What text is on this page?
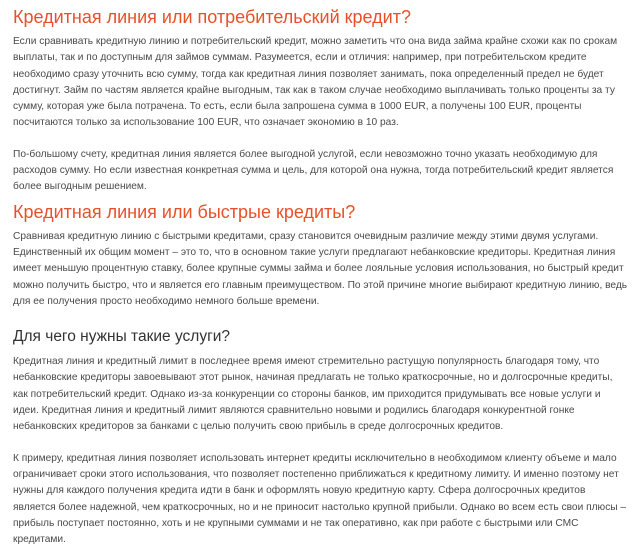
Кредитная линия или потребительский кредит?

Если сравнивать кредитную линию и потребительский кредит, можно заметить что она вида займа крайне схожи как по срокам выплаты, так и по доступным для займов суммам. Разумеется, если и отличия: например, при потребительском кредите необходимо сразу уточнить всю сумму, тогда как кредитная линия позволяет занимать, пока определенный предел не будет достигнут. Займ по частям является крайне выгодным, так как в таком случае необходимо выплачивать только проценты за ту сумму, которая уже была потрачена. То есть, если была запрошена сумма в 1000 EUR, а получены 100 EUR, проценты посчитаются только за использование 100 EUR, что означает экономию в 10 раз.

По-большому счету, кредитная линия является более выгодной услугой, если невозможно точно указать необходимую для расходов сумму. Но если известная конкретная сумма и цель, для которой она нужна, тогда потребительский кредит является более выгодным решением.

Кредитная линия или быстрые кредиты?

Сравнивая кредитную линию с быстрыми кредитами, сразу становится очевидным различие между этими двумя услугами. Единственный их общим момент – это то, что в основном такие услуги предлагают небанковские кредиторы. Кредитная линия имеет меньшую процентную ставку, более крупные суммы займа и более лояльные условия использования, но быстрый кредит можно получить быстро, что и является его главным преимуществом. По этой причине многие выбирают кредитную линию, ведь для ее получения просто необходимо немного больше времени.

Для чего нужны такие услуги?

Кредитная линия и кредитный лимит в последнее время имеют стремительно растущую популярность благодаря тому, что небанковские кредиторы завоевывают этот рынок, начиная предлагать не только краткосрочные, но и долгосрочные кредиты, как потребительский кредит. Однако из-за конкуренции со стороны банков, им приходится придумывать все новые услуги и идеи. Кредитная линия и кредитный лимит являются сравнительно новыми и родились благодаря конкурентной гонке небанковских кредиторов за банками с целью получить свою прибыль в среде долгосрочных кредитов.

К примеру, кредитная линия позволяет использовать интернет кредиты исключительно в необходимом клиенту объеме и мало ограничивает сроки этого использования, что позволяет постепенно приближаться к кредитному лимиту. И именно поэтому нет нужны для каждого получения кредита идти в банк и оформлять новую кредитную карту. Сфера долгосрочных кредитов является более надежной, чем краткосрочных, но и не приносит настолько крупной прибыли. Однако во всем есть свои плюсы – прибыль поступает постоянно, хоть и не крупными суммами и не так оперативно, как при работе с быстрыми или СМС кредитами.
